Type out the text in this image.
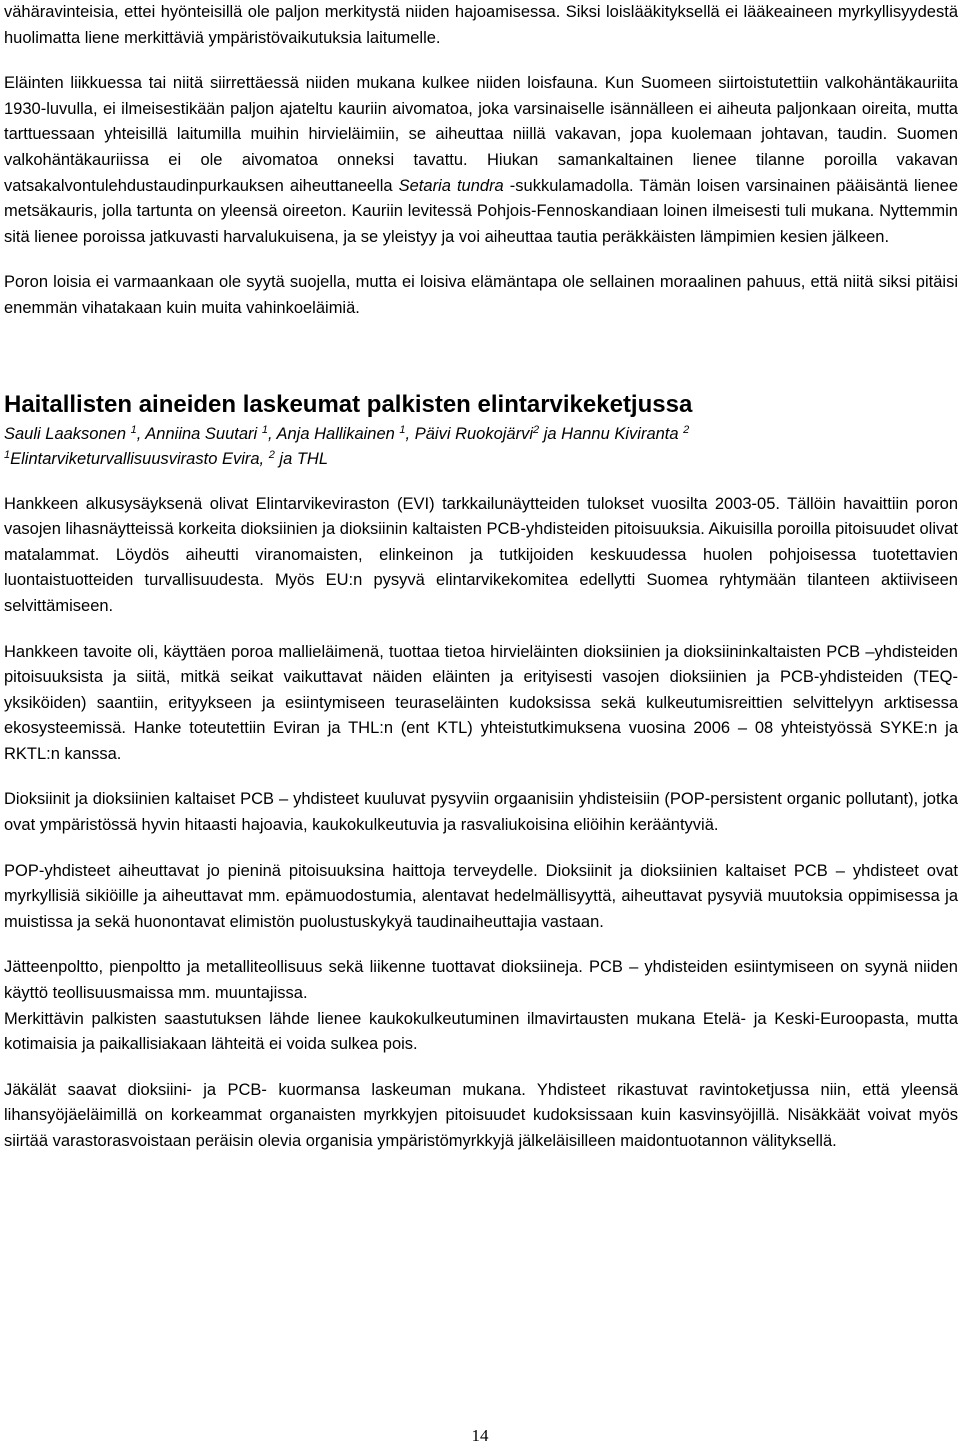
vähäravinteisia, ettei hyönteisillä ole paljon merkitystä niiden hajoamisessa. Siksi loislääkityksellä ei lääkeaineen myrkyllisyydestä huolimatta liene merkittäviä ympäristövaikutuksia laitumelle.

Eläinten liikkuessa tai niitä siirrettäessä niiden mukana kulkee niiden loisfauna. Kun Suomeen siirtoistutettiin valkohäntäkauriita 1930-luvulla, ei ilmeisestikään paljon ajateltu kauriin aivomatoa, joka varsinaiselle isännälleen ei aiheuta paljonkaan oireita, mutta tarttuessaan yhteisillä laitumilla muihin hirvieläimiin, se aiheuttaa niillä vakavan, jopa kuolemaan johtavan, taudin. Suomen valkohäntäkauriissa ei ole aivomatoa onneksi tavattu. Hiukan samankaltainen lienee tilanne poroilla vakavan vatsakalvontulehdustaudinpurkauksen aiheuttaneella Setaria tundra -sukkulamadolla. Tämän loisen varsinainen pääisäntä lienee metsäkauris, jolla tartunta on yleensä oireeton. Kauriin levitessä Pohjois-Fennoskandiaan loinen ilmeisesti tuli mukana. Nyttemmin sitä lienee poroissa jatkuvasti harvalukuisena, ja se yleistyy ja voi aiheuttaa tautia peräkkäisten lämpimien kesien jälkeen.

Poron loisia ei varmaankaan ole syytä suojella, mutta ei loisiva elämäntapa ole sellainen moraalinen pahuus, että niitä siksi pitäisi enemmän vihatakaan kuin muita vahinkoeläimiä.

Haitallisten aineiden laskeumat palkisten elintarvikeketjussa

Sauli Laaksonen $^1$, Anniina Suutari $^1$, Anja Hallikainen $^1$, Päivi Ruokojärvi$^2$ ja Hannu Kiviranta $^2$

$^1$Elintarviketurvallisuusvirasto Evira, $^2$ ja THL

Hankkeen alkusysäyksenä olivat Elintarvikeviraston (EVI) tarkkailunäytteiden tulokset vuosilta 2003-05. Tällöin havaittiin poron vasojen lihasnäytteissä korkeita dioksiinien ja dioksiinin kaltaisten PCB-yhdisteiden pitoisuuksia. Aikuisilla poroilla pitoisuudet olivat matalammat. Löydös aiheutti viranomaisten, elinkeinon ja tutkijoiden keskuudessa huolen pohjoisessa tuotettavien luontaistuotteiden turvallisuudesta. Myös EU:n pysyvä elintarvikekomitea edellytti Suomea ryhtymään tilanteen aktiiviseen selvittämiseen.

Hankkeen tavoite oli, käyttäen poroa mallieläimenä, tuottaa tietoa hirvieläinten dioksiinien ja dioksiininkaltaisten PCB –yhdisteiden pitoisuuksista ja siitä, mitkä seikat vaikuttavat näiden eläinten ja erityisesti vasojen dioksiinien ja PCB-yhdisteiden (TEQ-yksiköiden) saantiin, erityykseen ja esiintymiseen teuraseläinten kudoksissa sekä kulkeutumisreittien selvittelyyn arktisessa ekosysteemissä. Hanke toteutettiin Eviran ja THL:n (ent KTL) yhteistutkimuksena vuosina 2006 – 08 yhteistyössä SYKE:n ja RKTL:n kanssa.

Dioksiinit ja dioksiinien kaltaiset PCB – yhdisteet kuuluvat pysyviin orgaanisiin yhdisteisiin (POP-persistent organic pollutant), jotka ovat ympäristössä hyvin hitaasti hajoavia, kaukokulkeutuvia ja rasvaliukoisina eliöihin kerääntyviä.

POP-yhdisteet aiheuttavat jo pieninä pitoisuuksina haittoja terveydelle. Dioksiinit ja dioksiinien kaltaiset PCB – yhdisteet ovat myrkyllisiä sikiöille ja aiheuttavat mm. epämuodostumia, alentavat hedelmällisyyttä, aiheuttavat pysyviä muutoksia oppimisessa ja muistissa ja sekä huonontavat elimistön puolustuskykyä taudinaiheuttajia vastaan.

Jätteenpoltto, pienpoltto ja metalliteollisuus sekä liikenne tuottavat dioksiineja. PCB – yhdisteiden esiintymiseen on syynä niiden käyttö teollisuusmaissa mm. muuntajissa.

Merkittävin palkisten saastutuksen lähde lienee kaukokulkeutuminen ilmavirtausten mukana Etelä- ja Keski-Euroopasta, mutta kotimaisia ja paikallisiakaan lähteitä ei voida sulkea pois.

Jäkälät saavat dioksiini- ja PCB- kuormansa laskeuman mukana. Yhdisteet rikastuvat ravintoketjussa niin, että yleensä lihansyöjäeläimillä on korkeammat organaisten myrkkyjen pitoisuudet kudoksissaan kuin kasvinsyöjillä. Nisäkkäät voivat myös siirtää varastorasvoistaan peräisin olevia organisia ympäristömyrkkyjä jälkeläisilleen maidontuotannon välityksellä.

14
